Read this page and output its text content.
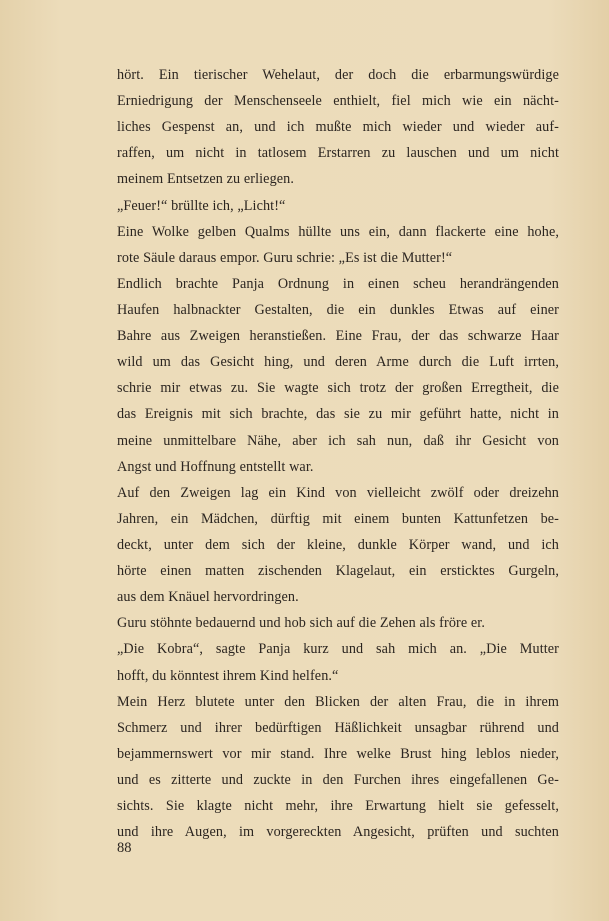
hört. Ein tierischer Wehelaut, der doch die erbarmungswürdige
Erniedrigung der Menschenseele enthielt, fiel mich wie ein nächt-
liches Gespenst an, und ich mußte mich wieder und wieder auf-
raffen, um nicht in tatlosem Erstarren zu lauschen und um nicht
meinem Entsetzen zu erliegen.
„Feuer!“ brüllte ich, „Licht!“
Eine Wolke gelben Qualms hüllte uns ein, dann flackerte eine hohe,
rote Säule daraus empor. Guru schrie: „Es ist die Mutter!“
Endlich brachte Panja Ordnung in einen scheu herandrängenden
Haufen halbnackter Gestalten, die ein dunkles Etwas auf einer
Bahre aus Zweigen heranstießen. Eine Frau, der das schwarze Haar
wild um das Gesicht hing, und deren Arme durch die Luft irrten,
schrie mir etwas zu. Sie wagte sich trotz der großen Erregtheit, die
das Ereignis mit sich brachte, das sie zu mir geführt hatte, nicht in
meine unmittelbare Nähe, aber ich sah nun, daß ihr Gesicht von
Angst und Hoffnung entstellt war.
Auf den Zweigen lag ein Kind von vielleicht zwölf oder dreizehn
Jahren, ein Mädchen, dürftig mit einem bunten Kattunfetzen be-
deckt, unter dem sich der kleine, dunkle Körper wand, und ich
hörte einen matten zischenden Klagelaut, ein ersticktes Gurgeln,
aus dem Knäuel hervordringen.
Guru stöhnte bedauernd und hob sich auf die Zehen als fröre er.
„Die Kobra“, sagte Panja kurz und sah mich an. „Die Mutter
hofft, du könntest ihrem Kind helfen.“
Mein Herz blutete unter den Blicken der alten Frau, die in ihrem
Schmerz und ihrer bedürftigen Häßlichkeit unsagbar rührend und
bejammernswert vor mir stand. Ihre welke Brust hing leblos nieder,
und es zitterte und zuckte in den Furchen ihres eingefallenen Ge-
sichts. Sie klagte nicht mehr, ihre Erwartung hielt sie gefesselt,
und ihre Augen, im vorgereckten Angesicht, prüften und suchten
88
